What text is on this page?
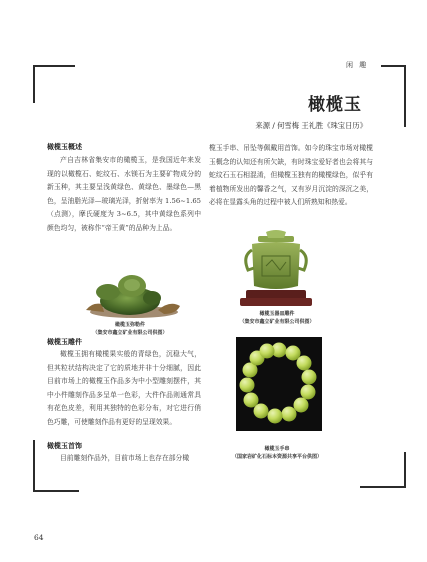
闲 趣
橄榄玉
来源 / 何雪梅 王礼胜《珠宝日历》
橄榄玉概述

产自吉林省集安市的橄榄玉，是我国近年来发现的以橄榄石、蛇纹石、水镁石为主要矿物成分的新玉种，其主要呈浅黄绿色、黄绿色、墨绿色—黑色，呈油脂光泽—玻璃光泽，折射率为 1.56~1.65（点测），摩氏硬度为 3~6.5，其中黄绿色系列中颜色均匀，被称作“帝王黄”的品种为上品。

橄榄玉弥勒件
（集安市鑫立矿业有限公司供图）
橄榄玉雕件

橄榄玉拥有橄榄果实般的青绿色，沉稳大气，但其粒状结构决定了它的质地并非十分细腻，因此目前市场上的橄榄玉作品多为中小型雕刻摆件，其中小件雕刻作品多呈单一色彩，大件作品则通常具有花色皮差，利用其独特的色彩分布，对它进行俏色巧雕，可使雕刻作品有更好的呈现效果。

橄榄玉首饰

目前雕刻作品外，目前市场上也存在部分橄

榄玉手串、吊坠等佩戴用首饰。如今的珠宝市场对橄榄玉概念的认知还有所欠缺，有时珠宝爱好者也会将其与蛇纹石玉石相混淆，但橄榄玉独有的橄榄绿色，似乎有着植物所发出的馨香之气，又有岁月沉淀的深沉之美，必将在显露头角的过程中被人们所熟知和热爱。

橄榄玉器皿雕件
（集安市鑫立矿业有限公司供图）
橄榄玉手串
（国家岩矿化石标本资源共享平台供图）
64
